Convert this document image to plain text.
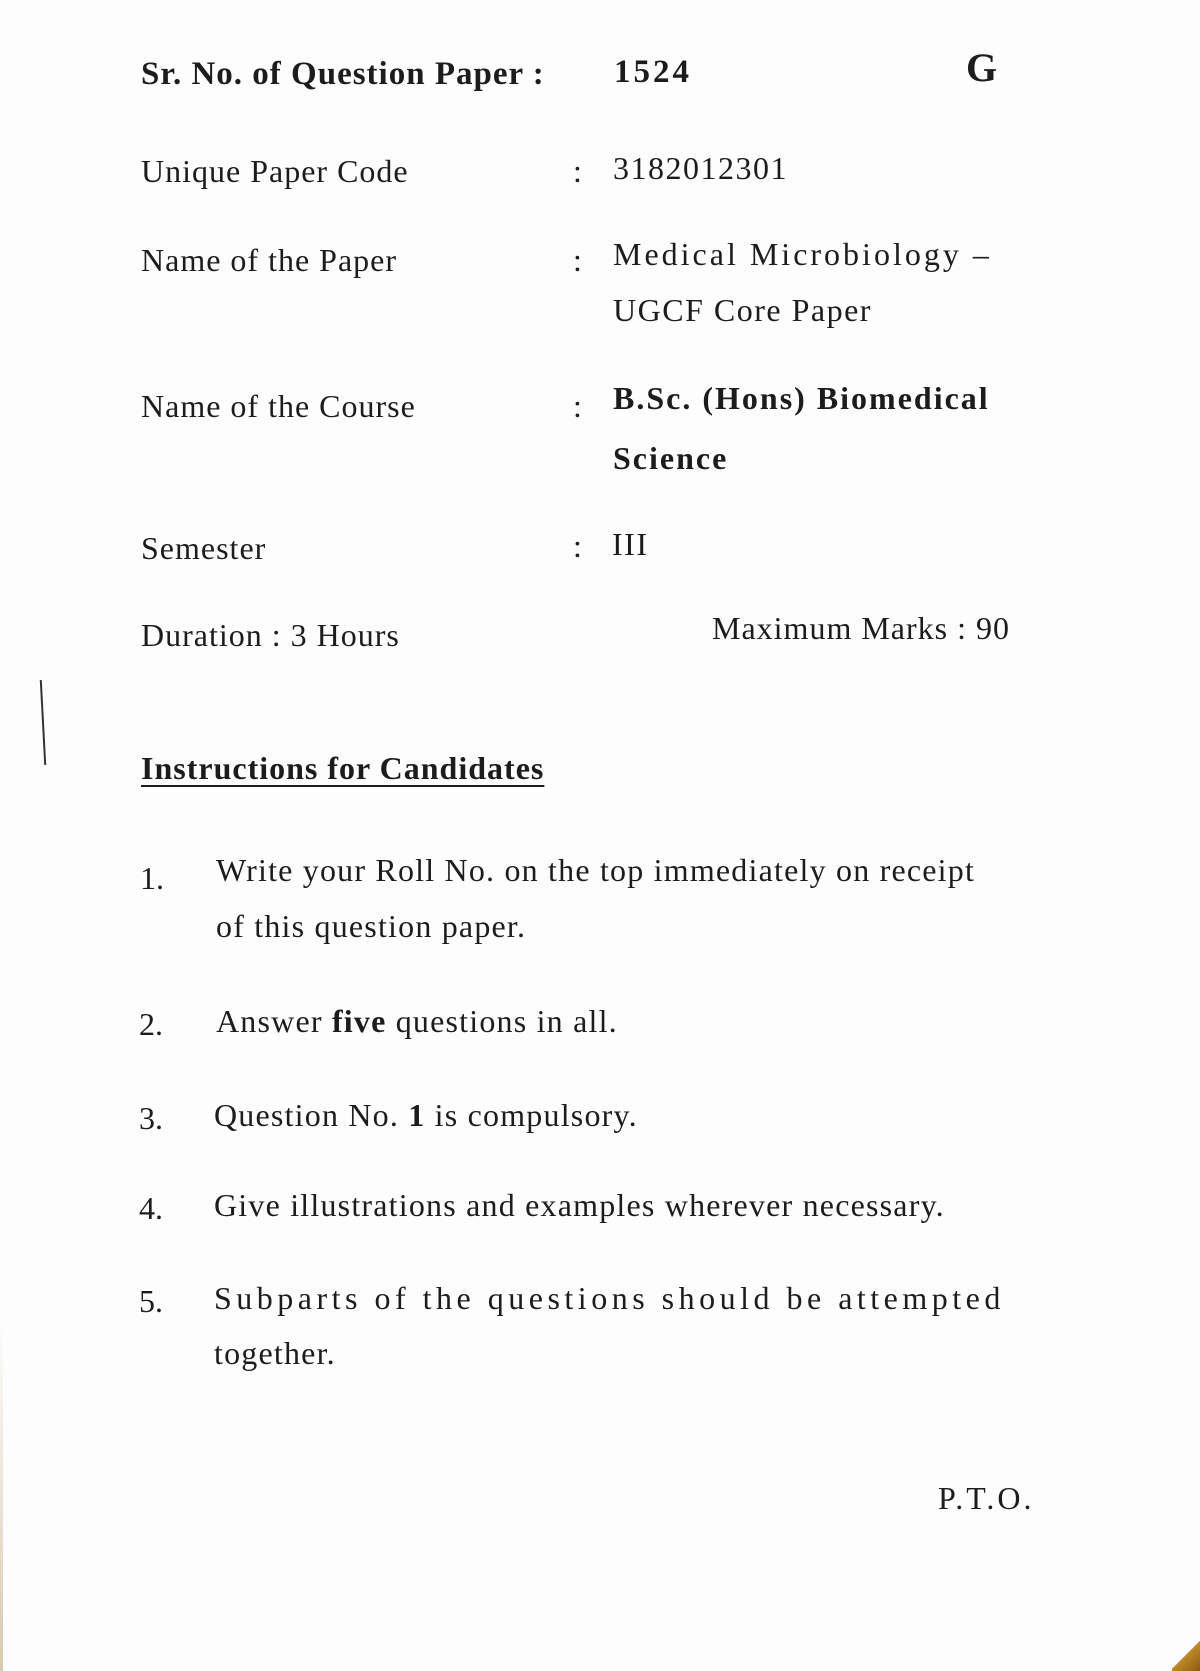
Sr. No. of Question Paper : 1524	G
Unique Paper Code	: 3182012301
Name of the Paper	: Medical Microbiology –
UGCF Core Paper
Name of the Course	: B.Sc. (Hons) Biomedical
Science
Semester	: III
Duration : 3 Hours	Maximum Marks : 90
Instructions for Candidates
1. Write your Roll No. on the top immediately on receipt
of this question paper.
2. Answer five questions in all.
3. Question No. 1 is compulsory.
4. Give illustrations and examples wherever necessary.
5. Subparts of the questions should be attempted
together.
P.T.O.
